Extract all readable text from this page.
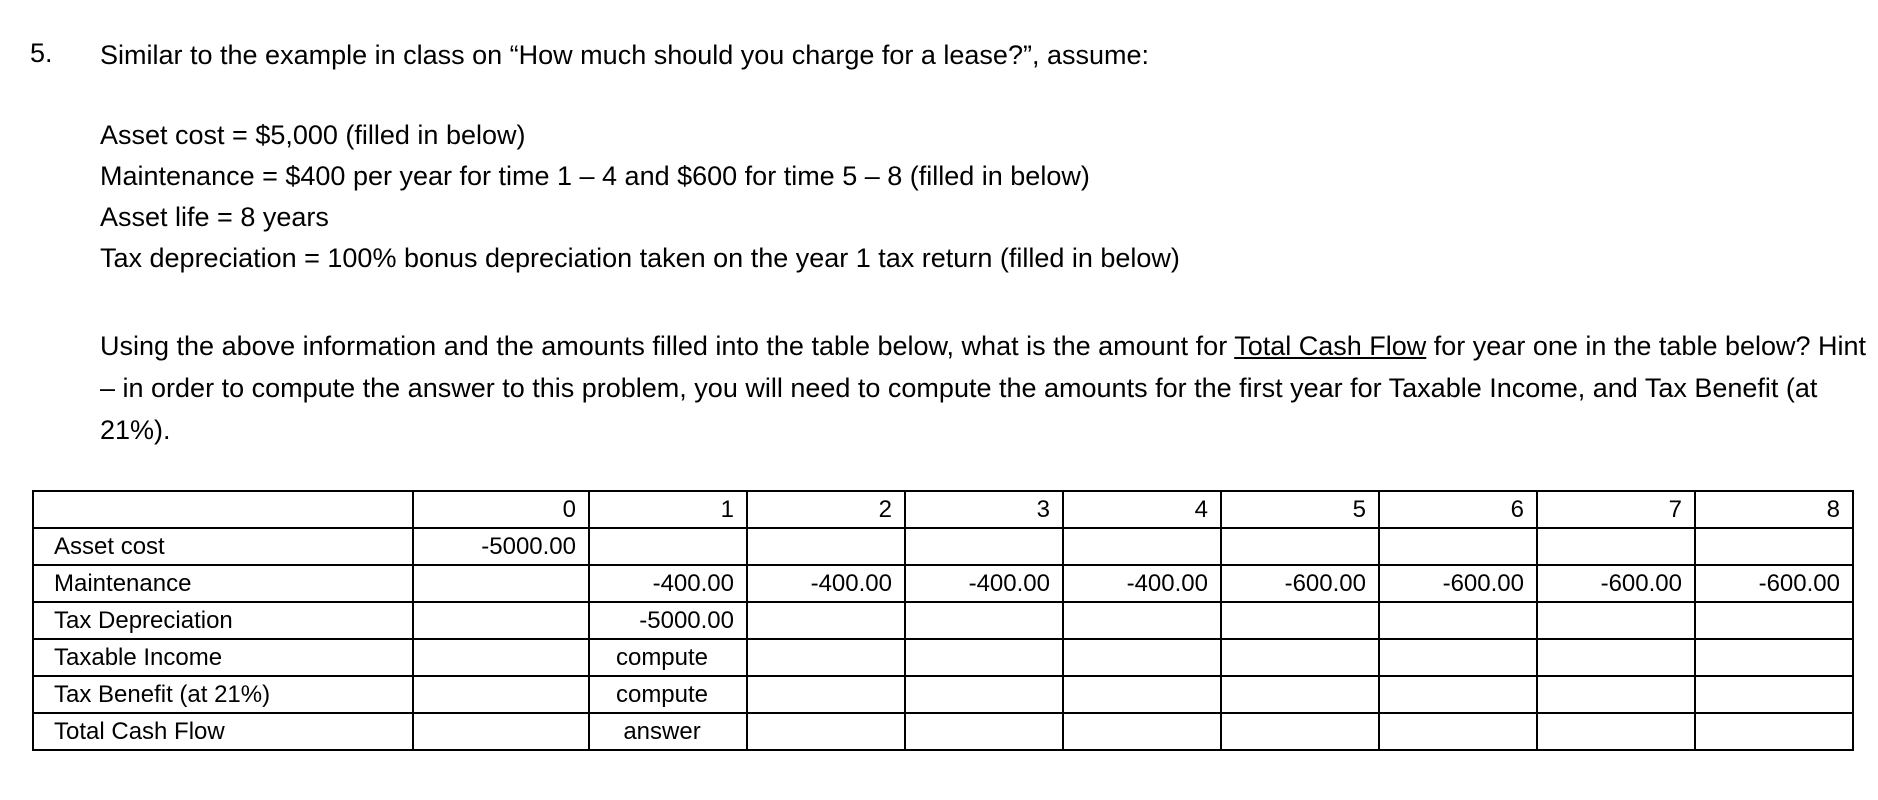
5. Similar to the example in class on “How much should you charge for a lease?”, assume:
Asset cost = $5,000 (filled in below)
Maintenance = $400 per year for time 1 – 4 and $600 for time 5 – 8 (filled in below)
Asset life = 8 years
Tax depreciation = 100% bonus depreciation taken on the year 1 tax return (filled in below)
Using the above information and the amounts filled into the table below, what is the amount for Total Cash Flow for year one in the table below? Hint – in order to compute the answer to this problem, you will need to compute the amounts for the first year for Taxable Income, and Tax Benefit (at 21%).
	0	1	2	3	4	5	6	7	8
Asset cost	-5000.00								
Maintenance		-400.00	-400.00	-400.00	-400.00	-600.00	-600.00	-600.00	-600.00
Tax Depreciation		-5000.00							
Taxable Income		compute							
Tax Benefit (at 21%)		compute							
Total Cash Flow		answer							
